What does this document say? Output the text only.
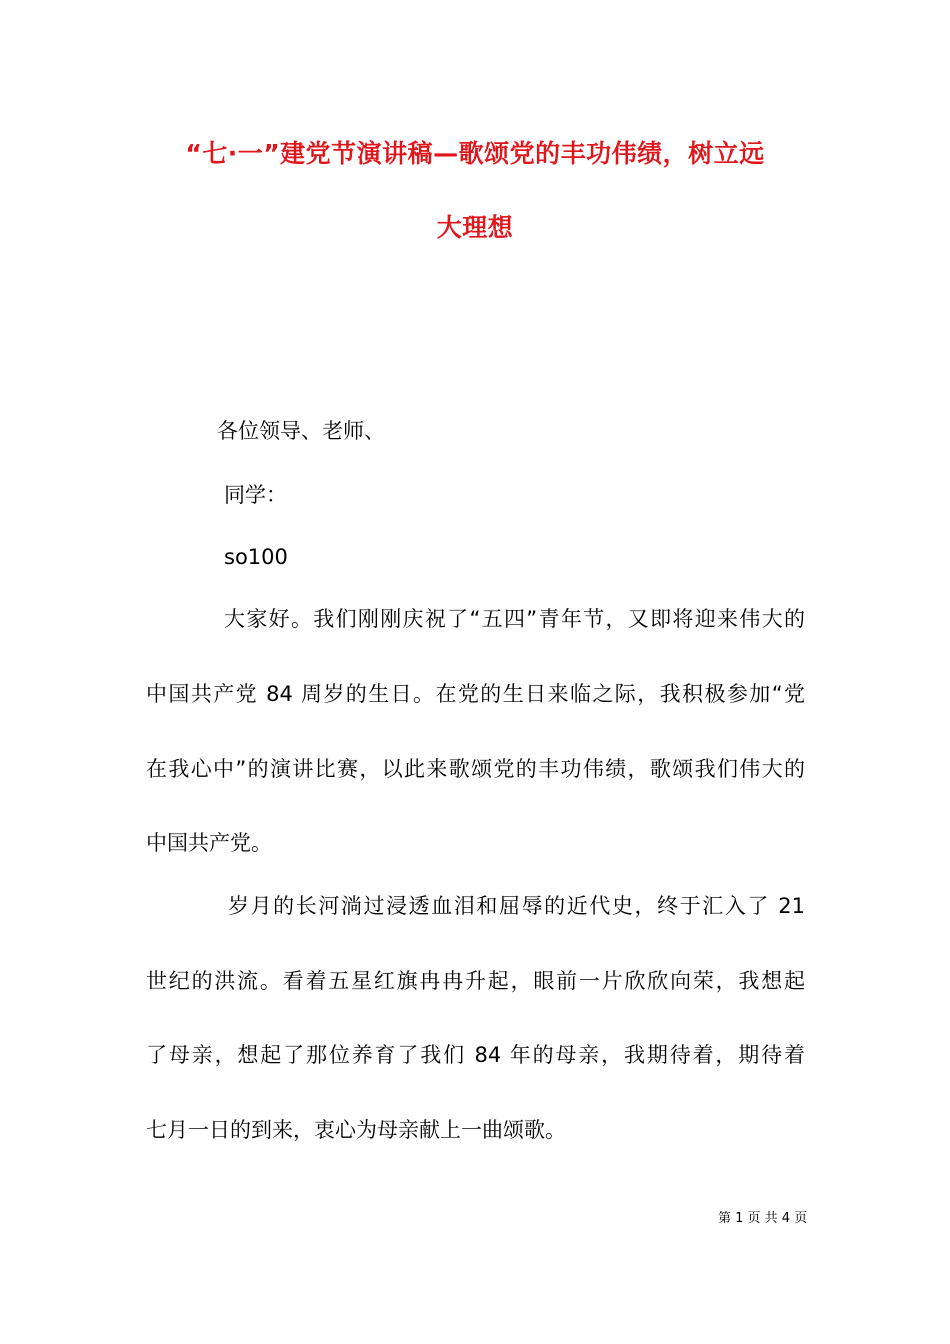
“七·一”建党节演讲稿—歌颂党的丰功伟绩，树立远
大理想
各位领导、老师、
同学：
so100
大家好。我们刚刚庆祝了“五四”青年节，又即将迎来伟大的
中国共产党 84 周岁的生日。在党的生日来临之际，我积极参加“党
在我心中”的演讲比赛，以此来歌颂党的丰功伟绩，歌颂我们伟大的
中国共产党。
岁月的长河淌过浸透血泪和屈辱的近代史，终于汇入了 21
世纪的洪流。看着五星红旗冉冉升起，眼前一片欣欣向荣，我想起
了母亲，想起了那位养育了我们 84 年的母亲，我期待着，期待着
七月一日的到来，衷心为母亲献上一曲颂歌。
第 1 页 共 4 页
